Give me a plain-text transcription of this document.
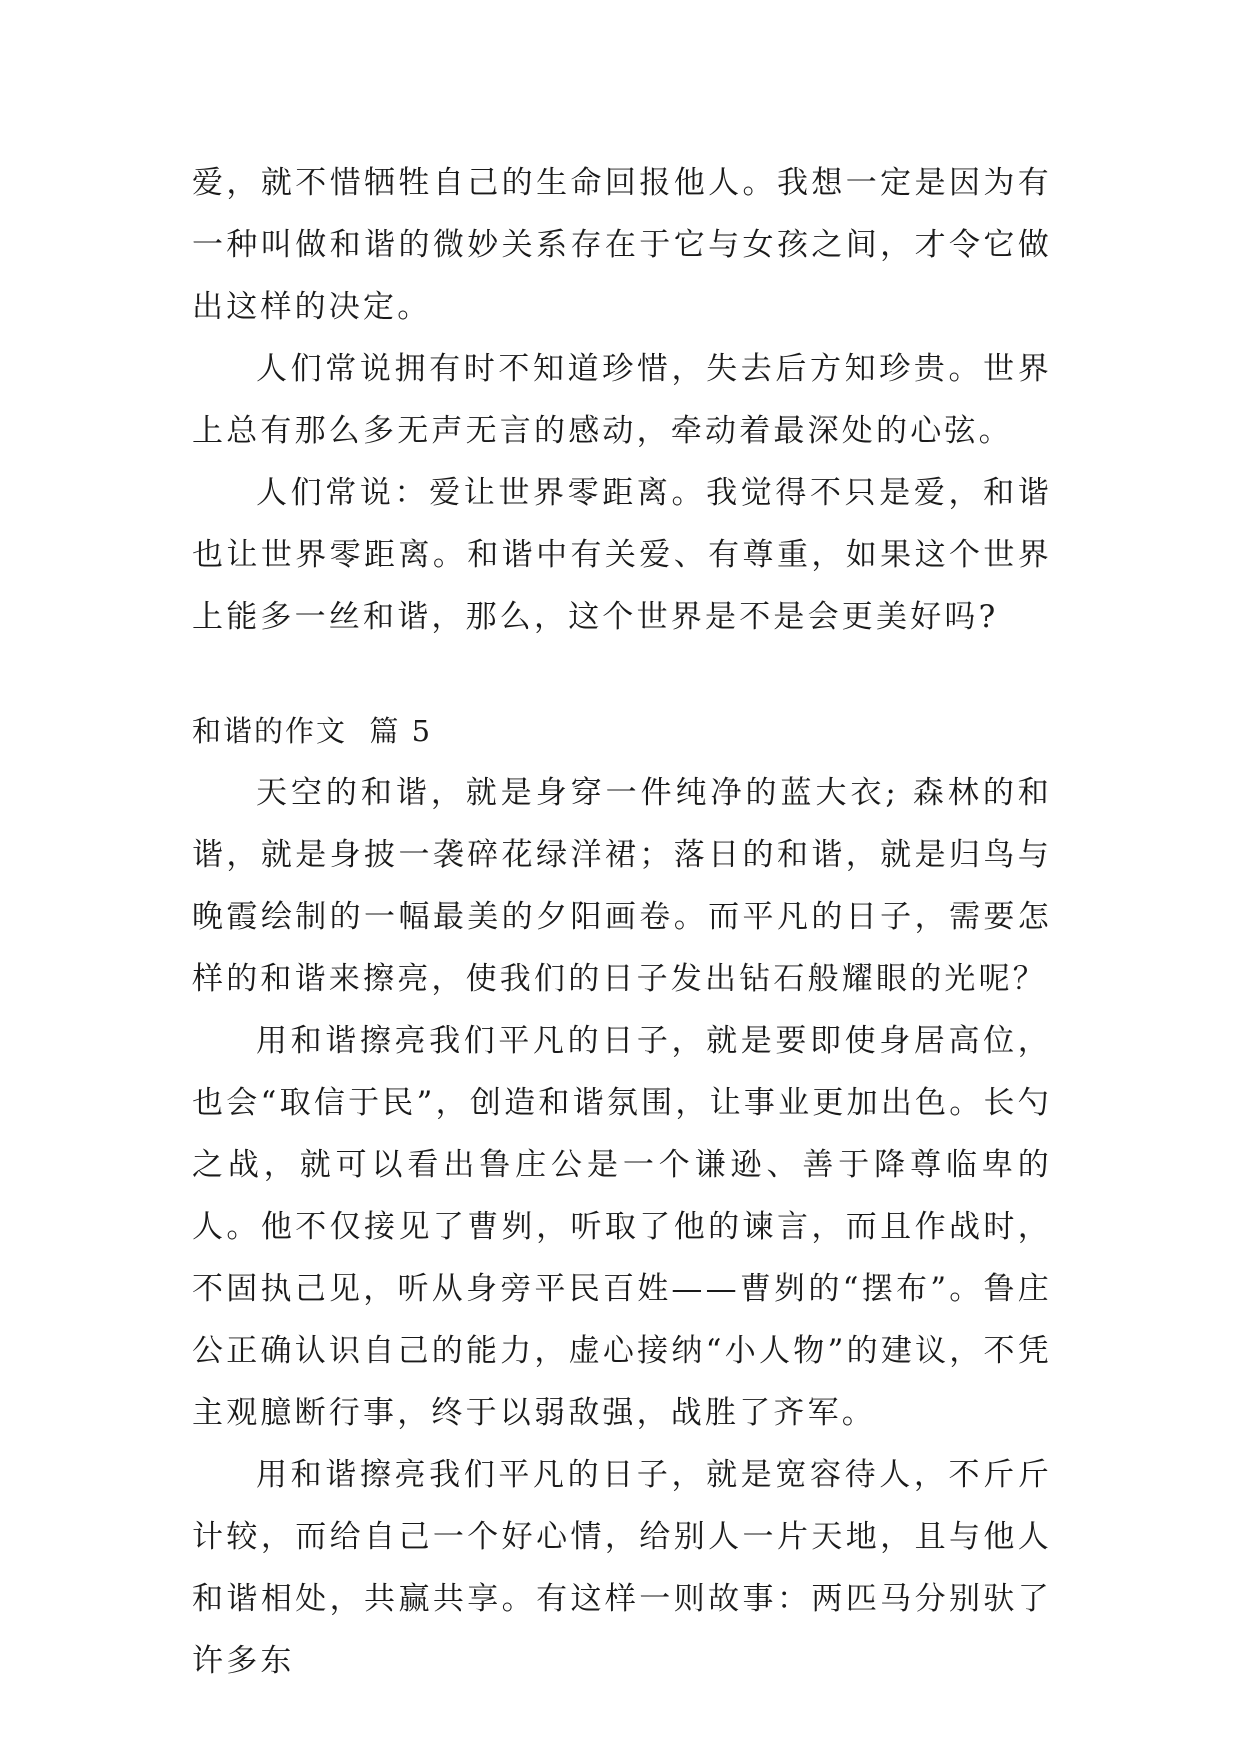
爱，就不惜牺牲自己的生命回报他人。我想一定是因为有一种叫做和谐的微妙关系存在于它与女孩之间，才令它做出这样的决定。

人们常说拥有时不知道珍惜，失去后方知珍贵。世界上总有那么多无声无言的感动，牵动着最深处的心弦。

人们常说：爱让世界零距离。我觉得不只是爱，和谐也让世界零距离。和谐中有关爱、有尊重，如果这个世界上能多一丝和谐，那么，这个世界是不是会更美好吗?

和谐的作文  篇 5

天空的和谐，就是身穿一件纯净的蓝大衣; 森林的和谐，就是身披一袭碎花绿洋裙；落日的和谐，就是归鸟与晚霞绘制的一幅最美的夕阳画卷。而平凡的日子，需要怎样的和谐来擦亮，使我们的日子发出钻石般耀眼的光呢？

用和谐擦亮我们平凡的日子，就是要即使身居高位，也会“取信于民”，创造和谐氛围，让事业更加出色。长勺之战，就可以看出鲁庄公是一个谦逊、善于降尊临卑的人。他不仅接见了曹刿，听取了他的谏言，而且作战时，不固执己见，听从身旁平民百姓——曹刿的“摆布”。鲁庄公正确认识自己的能力，虚心接纳“小人物”的建议，不凭主观臆断行事，终于以弱敌强，战胜了齐军。

用和谐擦亮我们平凡的日子，就是宽容待人，不斤斤计较，而给自己一个好心情，给别人一片天地，且与他人和谐相处，共赢共享。有这样一则故事：两匹马分别驮了许多东
